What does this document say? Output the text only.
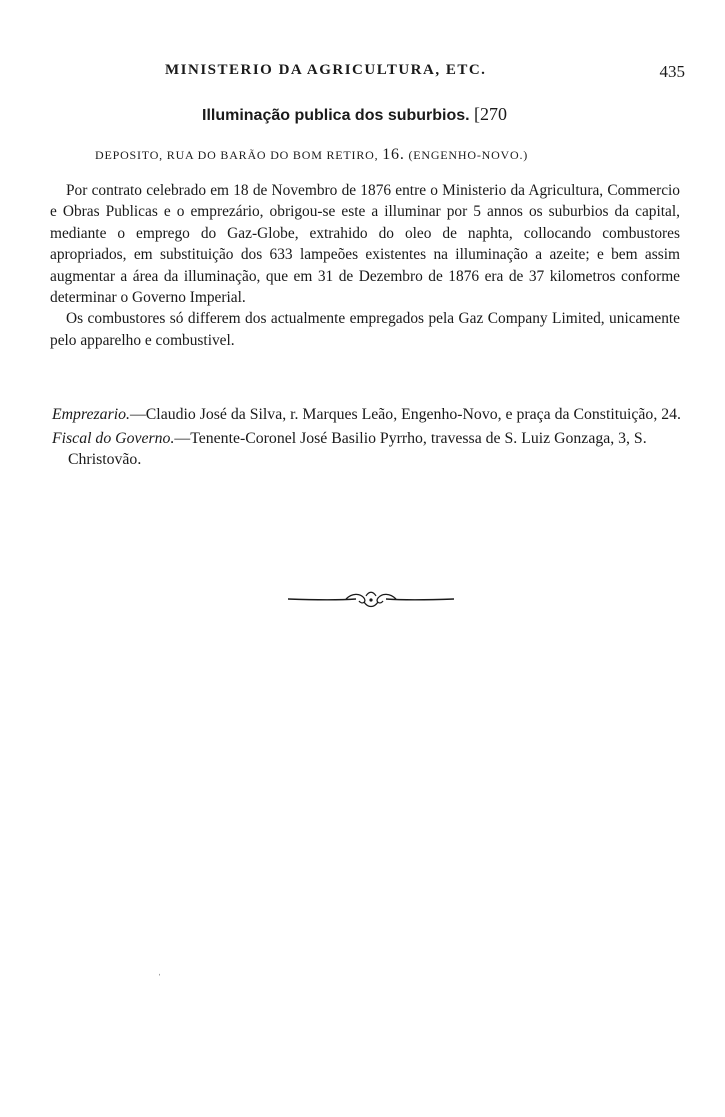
MINISTERIO DA AGRICULTURA, ETC.	435
Illuminação publica dos suburbios. [270
DEPOSITO, RUA DO BARÃO DO BOM RETIRO, 16. (ENGENHO-NOVO.)

Por contrato celebrado em 18 de Novembro de 1876 entre o Ministerio da Agricultura, Commercio e Obras Publicas e o emprezário, obrigou-se este a illuminar por 5 annos os suburbios da capital, mediante o emprego do Gaz-Globe, extrahido do oleo de naphta, collocando combustores apropriados, em substituição dos 633 lampeões existentes na illuminação a azeite; e bem assim augmentar a área da illuminação, que em 31 de Dezembro de 1876 era de 37 kilometros conforme determinar o Governo Imperial.

Os combustores só differem dos actualmente empregados pela Gaz Company Limited, unicamente pelo apparelho e combustivel.

Emprezario.—Claudio José da Silva, r. Marques Leão, Engenho-Novo, e praça da Constituição, 24.

Fiscal do Governo.—Tenente-Coronel José Basilio Pyrrho, travessa de S. Luiz Gonzaga, 3, S. Christovão.

ˌ
